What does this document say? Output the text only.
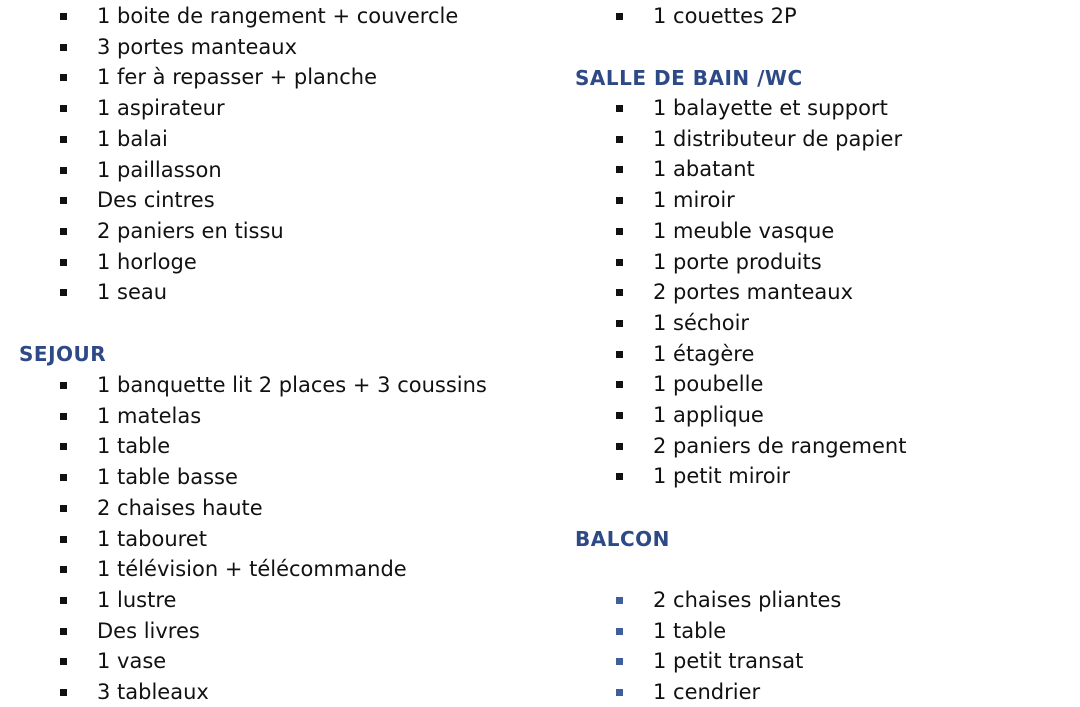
1 boite de rangement + couvercle
3 portes manteaux
1 fer à repasser + planche
1 aspirateur
1 balai
1 paillasson
Des cintres
2 paniers en tissu
1 horloge
1 seau
SEJOUR
1 banquette lit 2 places + 3 coussins
1 matelas
1 table
1 table basse
2 chaises haute
1 tabouret
1 télévision + télécommande
1 lustre
Des livres
1 vase
3 tableaux
1 couettes 2P
SALLE DE BAIN /WC
1 balayette et support
1 distributeur de papier
1 abatant
1 miroir
1 meuble vasque
1 porte produits
2 portes manteaux
1 séchoir
1 étagère
1 poubelle
1 applique
2 paniers de rangement
1 petit miroir
BALCON
2 chaises pliantes
1 table
1 petit transat
1 cendrier
